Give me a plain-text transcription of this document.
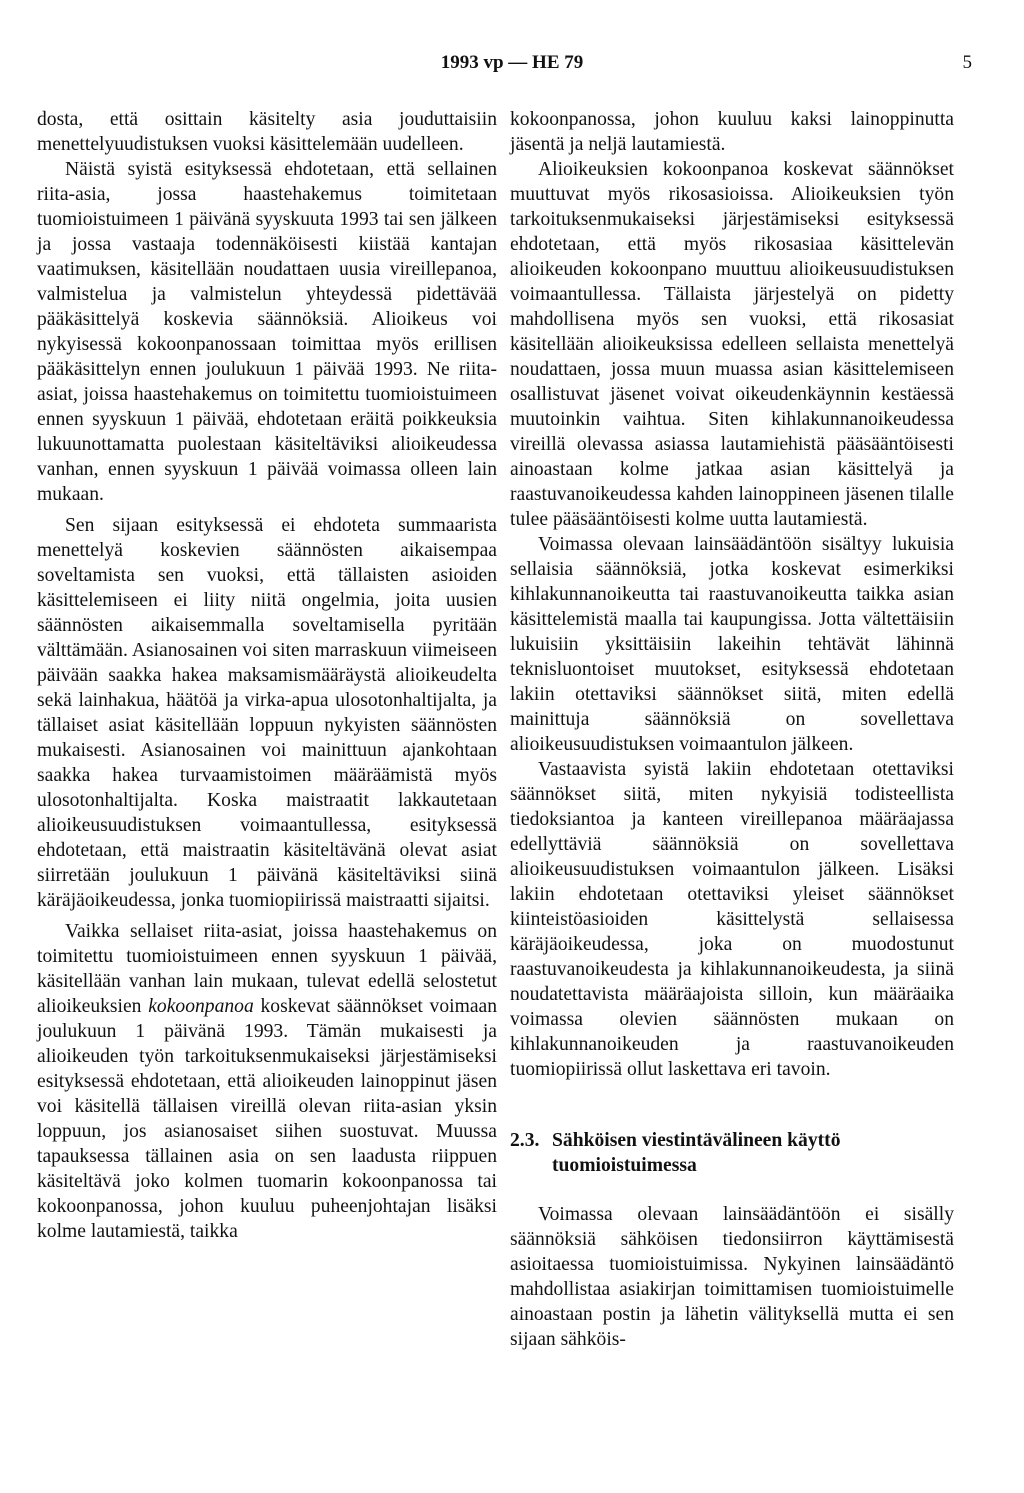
1993 vp — HE 79	5

dosta, että osittain käsitelty asia jouduttaisiin menettelyuudistuksen vuoksi käsittelemään uudelleen.

Näistä syistä esityksessä ehdotetaan, että sellainen riita-asia, jossa haastehakemus toimitetaan tuomioistuimeen 1 päivänä syyskuuta 1993 tai sen jälkeen ja jossa vastaaja todennäköisesti kiistää kantajan vaatimuksen, käsitellään noudattaen uusia vireillepanoa, valmistelua ja valmistelun yhteydessä pidettävää pääkäsittelyä koskevia säännöksiä. Alioikeus voi nykyisessä kokoonpanossaan toimittaa myös erillisen pääkäsittelyn ennen joulukuun 1 päivää 1993. Ne riita-asiat, joissa haastehakemus on toimitettu tuomioistuimeen ennen syyskuun 1 päivää, ehdotetaan eräitä poikkeuksia lukuunottamatta puolestaan käsiteltäviksi alioikeudessa vanhan, ennen syyskuun 1 päivää voimassa olleen lain mukaan.

Sen sijaan esityksessä ei ehdoteta summaarista menettelyä koskevien säännösten aikaisempaa soveltamista sen vuoksi, että tällaisten asioiden käsittelemiseen ei liity niitä ongelmia, joita uusien säännösten aikaisemmalla soveltamisella pyritään välttämään. Asianosainen voi siten marraskuun viimeiseen päivään saakka hakea maksamismääräystä alioikeudelta sekä lainhakua, häätöä ja virka-apua ulosotonhaltijalta, ja tällaiset asiat käsitellään loppuun nykyisten säännösten mukaisesti. Asianosainen voi mainittuun ajankohtaan saakka hakea turvaamistoimen määräämistä myös ulosotonhaltijalta. Koska maistraatit lakkautetaan alioikeusuudistuksen voimaantullessa, esityksessä ehdotetaan, että maistraatin käsiteltävänä olevat asiat siirretään joulukuun 1 päivänä käsiteltäviksi siinä käräjäoikeudessa, jonka tuomiopiirissä maistraatti sijaitsi.

Vaikka sellaiset riita-asiat, joissa haastehakemus on toimitettu tuomioistuimeen ennen syyskuun 1 päivää, käsitellään vanhan lain mukaan, tulevat edellä selostetut alioikeuksien kokoonpanoa koskevat säännökset voimaan joulukuun 1 päivänä 1993. Tämän mukaisesti ja alioikeuden työn tarkoituksenmukaiseksi järjestämiseksi esityksessä ehdotetaan, että alioikeuden lainoppinut jäsen voi käsitellä tällaisen vireillä olevan riita-asian yksin loppuun, jos asianosaiset siihen suostuvat. Muussa tapauksessa tällainen asia on sen laadusta riippuen käsiteltävä joko kolmen tuomarin kokoonpanossa tai kokoonpanossa, johon kuuluu puheenjohtajan lisäksi kolme lautamiestä, taikka

kokoonpanossa, johon kuuluu kaksi lainoppinutta jäsentä ja neljä lautamiestä.

Alioikeuksien kokoonpanoa koskevat säännökset muuttuvat myös rikosasioissa. Alioikeuksien työn tarkoituksenmukaiseksi järjestämiseksi esityksessä ehdotetaan, että myös rikosasiaa käsittelevän alioikeuden kokoonpano muuttuu alioikeusuudistuksen voimaantullessa. Tällaista järjestelyä on pidetty mahdollisena myös sen vuoksi, että rikosasiat käsitellään alioikeuksissa edelleen sellaista menettelyä noudattaen, jossa muun muassa asian käsittelemiseen osallistuvat jäsenet voivat oikeudenkäynnin kestäessä muutoinkin vaihtua. Siten kihlakunnanoikeudessa vireillä olevassa asiassa lautamiehistä pääsääntöisesti ainoastaan kolme jatkaa asian käsittelyä ja raastuvanoikeudessa kahden lainoppineen jäsenen tilalle tulee pääsääntöisesti kolme uutta lautamiestä.

Voimassa olevaan lainsäädäntöön sisältyy lukuisia sellaisia säännöksiä, jotka koskevat esimerkiksi kihlakunnanoikeutta tai raastuvanoikeutta taikka asian käsittelemistä maalla tai kaupungissa. Jotta vältettäisiin lukuisiin yksittäisiin lakeihin tehtävät lähinnä teknisluontoiset muutokset, esityksessä ehdotetaan lakiin otettaviksi säännökset siitä, miten edellä mainittuja säännöksiä on sovellettava alioikeusuudistuksen voimaantulon jälkeen.

Vastaavista syistä lakiin ehdotetaan otettaviksi säännökset siitä, miten nykyisiä todisteellista tiedoksiantoa ja kanteen vireillepanoa määräajassa edellyttäviä säännöksiä on sovellettava alioikeusuudistuksen voimaantulon jälkeen. Lisäksi lakiin ehdotetaan otettaviksi yleiset säännökset kiinteistöasioiden käsittelystä sellaisessa käräjäoikeudessa, joka on muodostunut raastuvanoikeudesta ja kihlakunnanoikeudesta, ja siinä noudatettavista määräajoista silloin, kun määräaika voimassa olevien säännösten mukaan on kihlakunnanoikeuden ja raastuvanoikeuden tuomiopiirissä ollut laskettava eri tavoin.

2.3. Sähköisen viestintävälineen käyttö tuomioistuimessa

Voimassa olevaan lainsäädäntöön ei sisälly säännöksiä sähköisen tiedonsiirron käyttämisestä asioitaessa tuomioistuimissa. Nykyinen lainsäädäntö mahdollistaa asiakirjan toimittamisen tuomioistuimelle ainoastaan postin ja lähetin välityksellä mutta ei sen sijaan sähköis-
